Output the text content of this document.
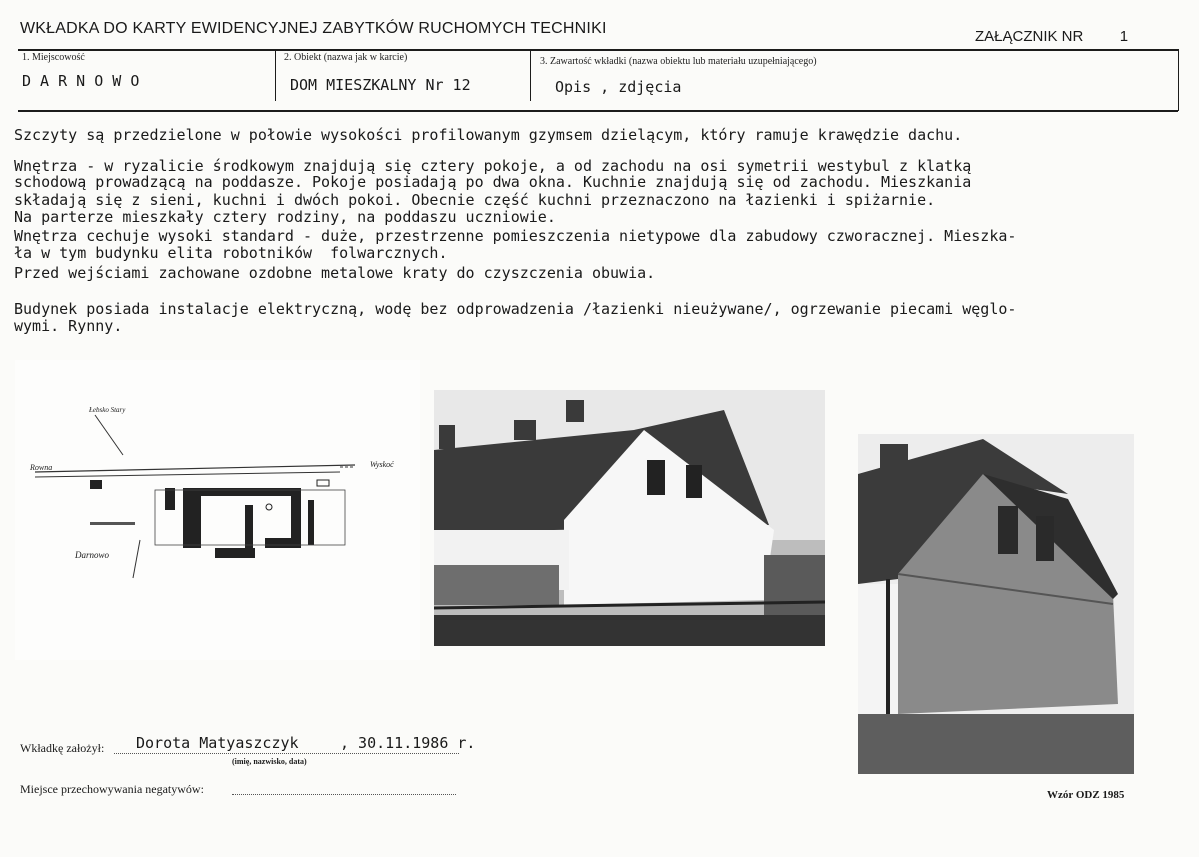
WKŁADKA DO KARTY EWIDENCYJNEJ ZABYTKÓW RUCHOMYCH TECHNIKI	ZAŁĄCZNIK NR 1
1. Miejscowość
D A R N O W O
2. Obiekt (nazwa jak w karcie)
DOM MIESZKALNY Nr 12
3. Zawartość wkładki (nazwa obiektu lub materiału uzupełniającego)
Opis , zdjęcia
Szczyty są przedzielone w połowie wysokości profilowanym gzymsem dzielącym, który ramuje krawędzie dachu.
Wnętrza - w ryzalicie środkowym znajdują się cztery pokoje, a od zachodu na osi symetrii westybul z klatką
schodową prowadzącą na poddasze. Pokoje posiadają po dwa okna. Kuchnie znajdują się od zachodu. Mieszkania
składają się z sieni, kuchni i dwóch pokoi. Obecnie część kuchni przeznaczono na łazienki i spiżarnie.
Na parterze mieszkały cztery rodziny, na poddaszu uczniowie.
Wnętrza cechuje wysoki standard - duże, przestrzenne pomieszczenia nietypowe dla zabudowy czworacznej. Mieszka-
ła w tym budynku elita robotników  folwarcznych.
Przed wejściami zachowane ozdobne metalowe kraty do czyszczenia obuwia.
Budynek posiada instalacje elektryczną, wodę bez odprowadzenia /łazienki nieużywane/, ogrzewanie piecami węglo-
wymi. Rynny.
Łebsko Stary
Rowna	Wyskoć
Darnowo
Wkładkę założył: Dorota Matyaszczyk	, 30.11.1986 r.
(imię, nazwisko, data)
Miejsce przechowywania negatywów:	Wzór ODZ 1985
